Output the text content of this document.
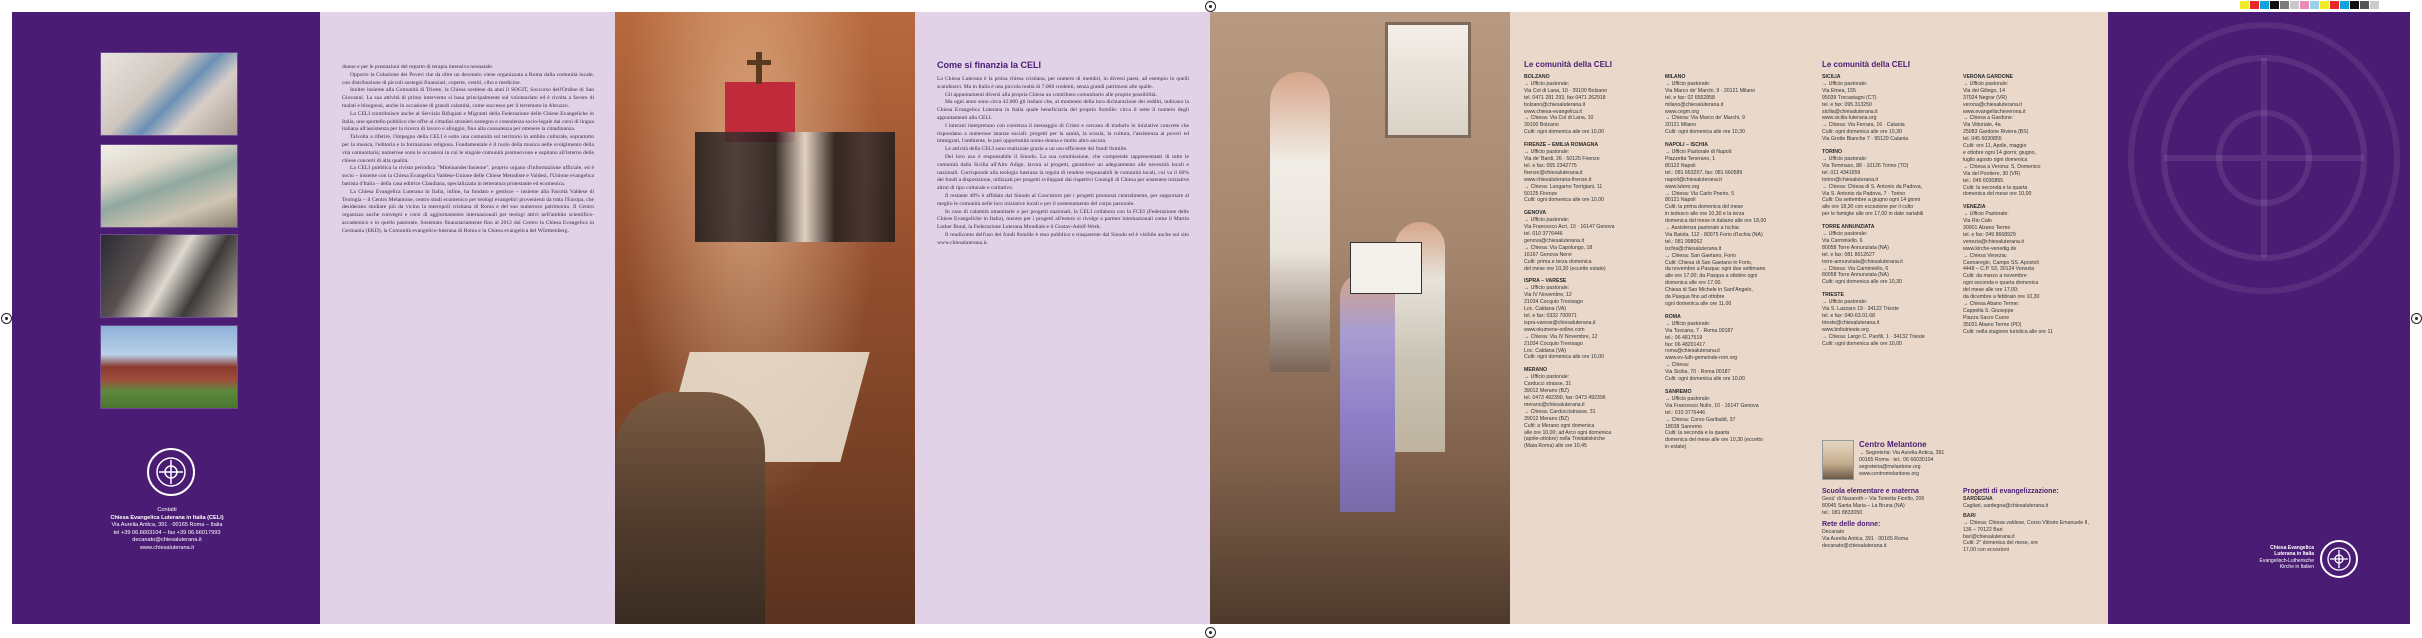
Contatti
Chiesa Evangelica Luterana in Italia (CELI)
Via Aurelia Antica, 391 · 00165 Roma – Italia
tel +39 06.6603104 – fax +39 06.66017993
decanato@chiesaluterana.it
www.chiesaluterana.it

donne e per le prestazioni del reparto di terapia intensiva neonatale.

Opporre la Colazione dei Poveri che da oltre un decennio viene organizzata a Roma dalla comunità locale, con distribuzione di piccoli sostegni finanziari, coperte, vestiti, cibo e medicine.

Inoltre insieme alla Comunità di Trieste, la Chiesa sostiene da anni il SOGIT, Soccorso dell'Ordine di San Giovanni. La sua attività di primo intervento si basa principalmente sul volontariato ed è rivolta a favore di malati e bisognosi, anche in occasione di grandi calamità, come successo per il terremoto in Abruzzo.

La CELI contribuisce anche al Servizio Rifugiati e Migranti della Federazione delle Chiese Evangeliche in Italia, uno sportello pubblico che offre ai cittadini stranieri sostegno e consulenza socio-legale dai corsi di lingua italiana all'assistenza per la ricerca di lavoro e alloggio, fino alla consulenza per ottenere la cittadinanza.

Talvolta a riferire, l'impegno della CELI è sotto una comunità sul territorio in ambito culturale, soprattutto per la musica, l'editoria e la formazione religiosa. Fondamentale è il ruolo della musica nelle svolgimento della vita comunitaria; numerose sono le occasioni in cui le singole comunità promuovono e ospitano all'interno delle chiese concerti di alta qualità.

La CELI pubblica la rivista periodica "Miteinander/Insieme", proprio organo d'informazione ufficiale, ed è socio – insieme con la Chiesa Evangelica Valdese-Unione delle Chiese Metodiste e Valdesi, l'Unione evangelica battista d'Italia – della casa editrice Claudiana, specializzata in letteratura protestante ed ecumenica.

La Chiesa Evangelica Luterana in Italia, infine, ha fondato e gestisce – insieme alla Facoltà Valdese di Teologia – il Centro Melantone, centro studi ecumenico per teologi evangelici provenienti da tutta l'Europa, che desiderano studiare più da vicino la metropoli cristiana di Roma e del suo numeroso patrimonio. Il Centro organizza anche convegni e corsi di aggiornamento internazionali per teologi attivi nell'ambito scientifico-accademico e in quello pastorale. Sostenuto finanziariamente fino al 2012 dal Centro la Chiesa Evangelica in Germania (EKD), la Comunità evangelico-luterana di Roma e la Chiesa evangelica del Württemberg.

Come si finanzia la CELI

La Chiesa Luterana è la prima chiesa cristiana, per numero di membri, in diversi paesi, ad esempio in quelli scandinavi. Ma in Italia è una piccola realtà di 7.000 credenti, senza grandi patrimoni alle spalle.

Gli appuntamenti diversi alla propria Chiesa un contributo comunitario alle proprie possibilità.

Ma ogni anno sono circa 42.000 gli italiani che, al momento della loro dichiarazione dei redditi, indicano la Chiesa Evangelica Luterana in Italia quale beneficiaria del proprio 8xmille: circa il sette il numero degli appuntamenti alla CELI.

I luterani interpretano con coerenza il messaggio di Cristo e cercano di tradurlo in iniziative concrete che rispondano a numerose istanze sociali: progetti per la sanità, la scuola, la cultura, l'assistenza ai poveri ed immigrati, l'ambiente, le pari opportunità uomo-donna e molto altro ancora.

Le attività della CELI sono realizzate grazie a un uso efficiente dei fondi 8xmille.

Del loro uso è responsabile il Sinodo. La sua commissione, che comprende rappresentanti di tutte le comunità dalla Sicilia all'Alto Adige, lavora ai progetti, garantisce un adeguamento alle necessità locali e nazionali. Corrisponde alla teologia luterana la regola di rendere responsabili le comunità locali, cui va il 60% dei fondi a disposizione, utilizzati per progetti sviluppati dai rispettivi Consigli di Chiesa per sostenere iniziative altrui di tipo culturale e caritativo.

Il restante 40% è affidato dal Sinodo al Concistoro per i progetti promossi centralmente, per supportare al meglio le comunità nelle loro iniziative locali e per il sostentamento del corpo pastorale.

In caso di calamità umanitarie o per progetti nazionali, la CELI collabora con la FCEI (Federazione delle Chiese Evangeliche in Italia), mentre per i progetti all'estero si rivolge a partner internazionali come il Martin Luther Bund, la Federazione Luterana Mondiale e il Gustav-Adolf-Werk.

Il rendiconto dell'uso dei fondi 8xmille è reso pubblico e trasparente dal Sinodo ed è visibile anche sul sito www.chiesaluterana.it.

Le comunità della CELI	Le comunità della CELI
BOLZANO
→ Ufficio pastorale:
Via Col di Lana, 10 · 39100 Bolzano
tel. 0471 281 293, fax 0471 262918
bolzano@chiesaluterana.it
www.chiesa-evangelica.it
→ Chiesa: Via Col di Lana, 10
39100 Bolzano
Culti: ogni domenica alle ore 10,00
FIRENZE – EMILIA ROMAGNA
→ Ufficio pastorale:
Via de' Bardi, 26 · 50125 Firenze
tel. e fax: 055 2342775
firenze@chiesaluterana.it
www.chiesaluterana-firenze.it
→ Chiesa: Lungarno Torrigiani, 11
50125 Firenze
Culti: ogni domenica alle ore 10,00
GENOVA
→ Ufficio pastorale:
Via Francesco Acri, 10 · 16147 Genova
tel. 010 3776446
genova@chiesaluterana.it
→ Chiesa: Via Capolungo, 18
16167 Genova Nervi
Culti: prima e terza domenica
del mese ore 10,30 (eccetto estate)
ISPRA – VARESE
→ Ufficio pastorale:
Via IV Novembre, 12
21034 Cocquio Trevisago
Loc. Caldana (VA)
tel. e fax: 0332 700971
ispra-varese@chiesaluterana.it
www.okumene-online.com
→ Chiesa: Via IV Novembre, 12
21034 Cocquio Trevisago
Loc. Caldana (VA)
Culti: ogni domenica alle ore 10,00
MERANO
→ Ufficio pastorale:
Carducci strasse, 31
39012 Merano (BZ)
tel. 0473 492390, fax: 0473 492396
merano@chiesaluterana.it
→ Chiesa: Carduccistrasse, 31
39012 Merano (BZ)
Culti: a Merano ogni domenica
alle ore 10,00; ad Arco ogni domenica
(aprile-ottobre) nella Trinitatiskirche
(Maia Roma) alle ore 10,45
MILANO
→ Ufficio pastorale:
Via Marco de' Marchi, 9 · 20121 Milano
tel. e fax: 02 6552858
milano@chiesaluterana.it
www.cegm.org
→ Chiesa: Via Marco de' Marchi, 9
20121 Milano
Culti: ogni domenica alle ore 10,30
NAPOLI – ISCHIA
→ Ufficio Pastorale di Napoli:
Piazzetta Tenerano, 1
80122 Napoli
tel.: 081 663207, fax: 081 660589
napoli@chiesaluterana.it
www.lutero.org
→ Chiesa: Via Carlo Poerio, 5
80121 Napoli
Culti: la prima domenica del mese
in tedesco alle ore 10,30 e la terza
domenica del mese in italiano alle ore 18,00
→ Assistenza pastorale a Ischia:
Via Baiola, 112 · 80075 Forio d'Ischia (NA)
tel.: 081 998062
ischia@chiesaluterana.it
→ Chiesa: San Gaetano, Forio
Culti: Chiesa di San Gaetano in Forio,
da novembre a Pasqua: ogni due settimane
alle ore 17,00; da Pasqua a ottobre ogni
domenica alle ore 17,00.
Chiesa di San Michele in Sant'Angelo,
da Pasqua fino ad ottobre
ogni domenica alle ore 11,00
ROMA
→ Ufficio pastorale:
Via Toscana, 7 · Roma 00187
tel.: 06 4817519
fax: 06 48201417
roma@chiesaluterana.it
www.ev-luth-gemeinde-rom.org
→ Chiesa:
Via Sicilia, 70 · Roma 00187
Culti: ogni domenica alle ore 10,00
SANREMO
→ Ufficio pastorale:
Via Francesco Nullo, 10 · 16147 Genova
tel.: 010 3776446
→ Chiesa: Corso Garibaldi, 37
18038 Sanremo
Culti: la seconda e la quarta
domenica del mese alle ore 10,30 (eccetto
in estate)
SICILIA
→ Ufficio pastorale:
Via Etnea, 155
95039 Trecastagni (CT)
tel. e fax: 095.313250
sicilia@chiesaluterana.it
www.sicilia-luterana.org
→ Chiesa: Via Ferrara, 16 · Catania
Culti: ogni domenica alle ore 10,30
Via Grotte Bianche 7 · 95129 Catania
TORINO
→ Ufficio pastorale:
Via Tommaso, 88 · 10126 Torino (TO)
tel. 011 4341659
torino@chiesaluterana.it
→ Chiesa: Chiesa di S. Antonio da Padova,
Via S. Antonio da Padova, 7 · Torino
Culti: Da settembre a giugno ogni 14 giorni
alle ore 18,30 con eccezione per il culto
per le famiglie alle ore 17,00 in date variabili
TORRE ANNUNZIATA
→ Ufficio pastorale:
Via Carminiello, 6
80058 Torre Annunziata (NA)
tel. e fax: 081 8612627
torre-annunziata@chiesaluterana.it
→ Chiesa: Via Carminiello, 6
80058 Torre Annunziata (NA)
Culti: ogni domenica alle ore 10,30
TRIESTE
→ Ufficio pastorale:
Via S. Lazzaro 19 · 34122 Trieste
tel. e fax: 040-63.01.68
trieste@chiesaluterana.it
www.boltutrieste.org
→ Chiesa: Largo C. Panfili, 1 · 34132 Trieste
Culti: ogni domenica alle ore 10,00
VERONA GARDONE
→ Ufficio pastorale:
Via dei Giliego, 14
37024 Negrar (VR)
verona@chiesaluterana.it
www.evangelischeverona.it
→ Chiesa a Gardone:
Via Vittoriale, 4a
25083 Gardone Riviera (BS)
tel. 045 6030855
Culti: ore 11, Aprile, maggio
e ottobre ogni 14 giorni; giugno,
luglio agosto ogni domenica
→ Chiesa a Verona: S. Domenico
Via del Pontiere, 30 (VR)
tel.: 045 6030855
Culti: la seconda e la quarta
domenica del mese ore 10,00
VENEZIA
→ Ufficio Pastorale:
Via Rio Calo
30001 Alzano Terme
tel. e fax: 049 8668929
venezia@chiesaluterana.it
www.kirche-venedig.de
→ Chiesa Venezia:
Cannaregio, Campo SS. Apostoli
4448 – C.P. 53, 30124 Venezia
Culti: da marzo a novembre
ogni seconda e quarta domenica
del mese alle ore 17,00;
da dicembre a febbraio ore 10,30
→ Chiesa Abano Terme:
Cappella S. Giuseppe
Piazza Sacro Cuore
35031 Abano Terme (PD)
Culti: nella stagione turistica alle ore 11
Centro Melantone
→ Segreteria: Via Aurelia Antica, 391
00165 Roma · tel.: 06 66030104
segreteria@melantone.org
www.centromelantone.org
Scuola elementare e materna
Gesù' di Nazareth – Via Tonietta Fiorillo, 206
80045 Santa Maria – La Bruna (NA)
tel.: 081 8833050
Rete delle donne:
Decanato
Via Aurelia Antica, 391 · 00165 Roma
decanato@chiesaluterana.it
Progetti di evangelizzazione:
SARDEGNA
Cagliari, sardegna@chiesaluterana.it
BARI
→ Chiesa: Chiesa valdese, Corso Vittorio Emanuele II, 136 – 70122 Bari
bari@chiesaluterana.it
Culti: 2° domenica del mese, ore
17,00 con eccezioni	Chiesa Evangelica
Luterana in Italia
Evangelisch-Lutherische
Kirche in Italien
